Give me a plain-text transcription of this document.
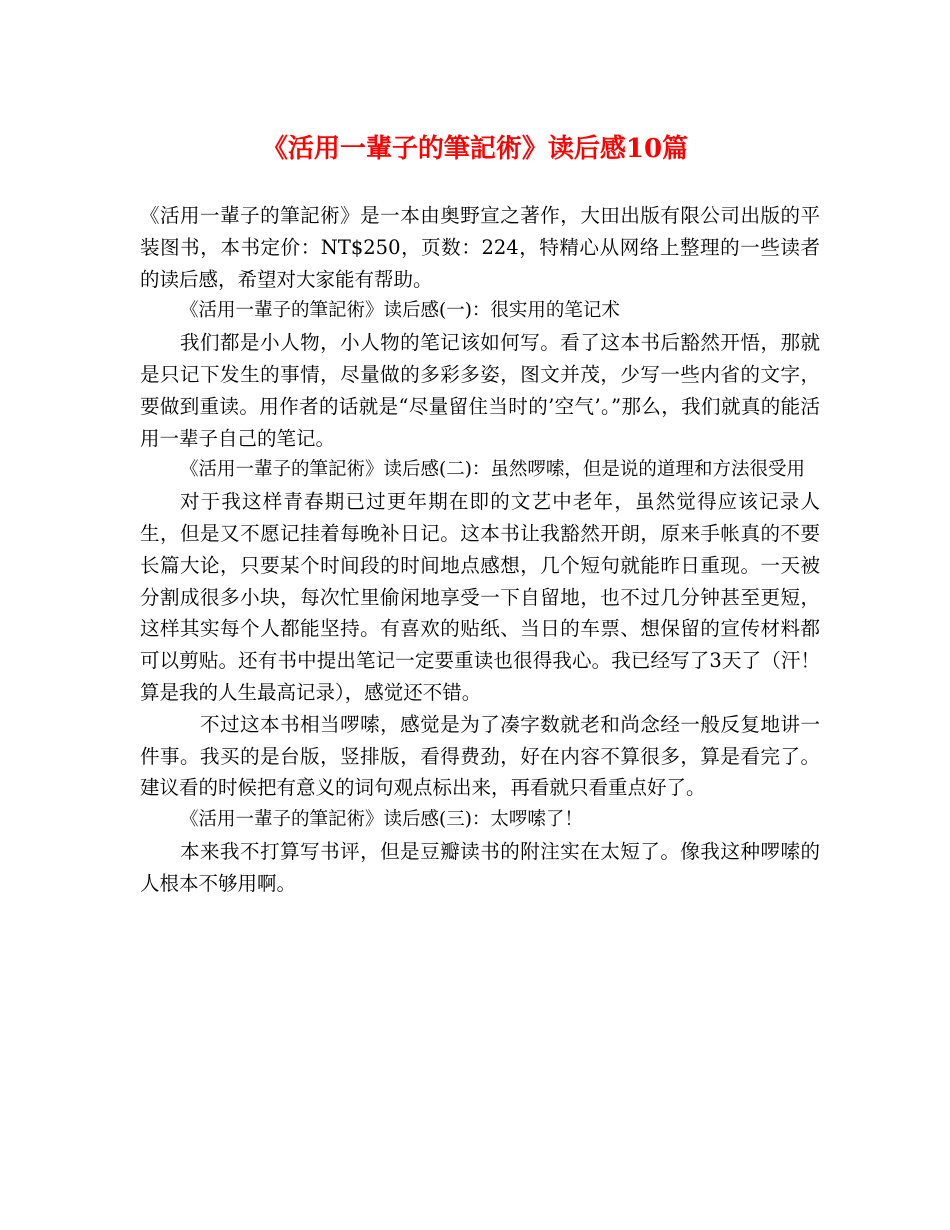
《活用一輩子的筆記術》读后感10篇

《活用一輩子的筆記術》是一本由奥野宣之著作，大田出版有限公司出版的平装图书，本书定价：NT$250，页数：224，特精心从网络上整理的一些读者的读后感，希望对大家能有帮助。

《活用一輩子的筆記術》读后感(一)：很实用的笔记术

我们都是小人物，小人物的笔记该如何写。看了这本书后豁然开悟，那就是只记下发生的事情，尽量做的多彩多姿，图文并茂，少写一些内省的文字，要做到重读。用作者的话就是“尽量留住当时的’空气’。”那么，我们就真的能活用一辈子自己的笔记。

《活用一輩子的筆記術》读后感(二)：虽然啰嗦，但是说的道理和方法很受用

对于我这样青春期已过更年期在即的文艺中老年，虽然觉得应该记录人生，但是又不愿记挂着每晚补日记。这本书让我豁然开朗，原来手帐真的不要长篇大论，只要某个时间段的时间地点感想，几个短句就能昨日重现。一天被分割成很多小块，每次忙里偷闲地享受一下自留地，也不过几分钟甚至更短，这样其实每个人都能坚持。有喜欢的贴纸、当日的车票、想保留的宣传材料都可以剪贴。还有书中提出笔记一定要重读也很得我心。我已经写了3天了（汗！算是我的人生最高记录），感觉还不错。

不过这本书相当啰嗦，感觉是为了凑字数就老和尚念经一般反复地讲一件事。我买的是台版，竖排版，看得费劲，好在内容不算很多，算是看完了。建议看的时候把有意义的词句观点标出来，再看就只看重点好了。

《活用一輩子的筆記術》读后感(三)：太啰嗦了！

本来我不打算写书评，但是豆瓣读书的附注实在太短了。像我这种啰嗦的人根本不够用啊。
